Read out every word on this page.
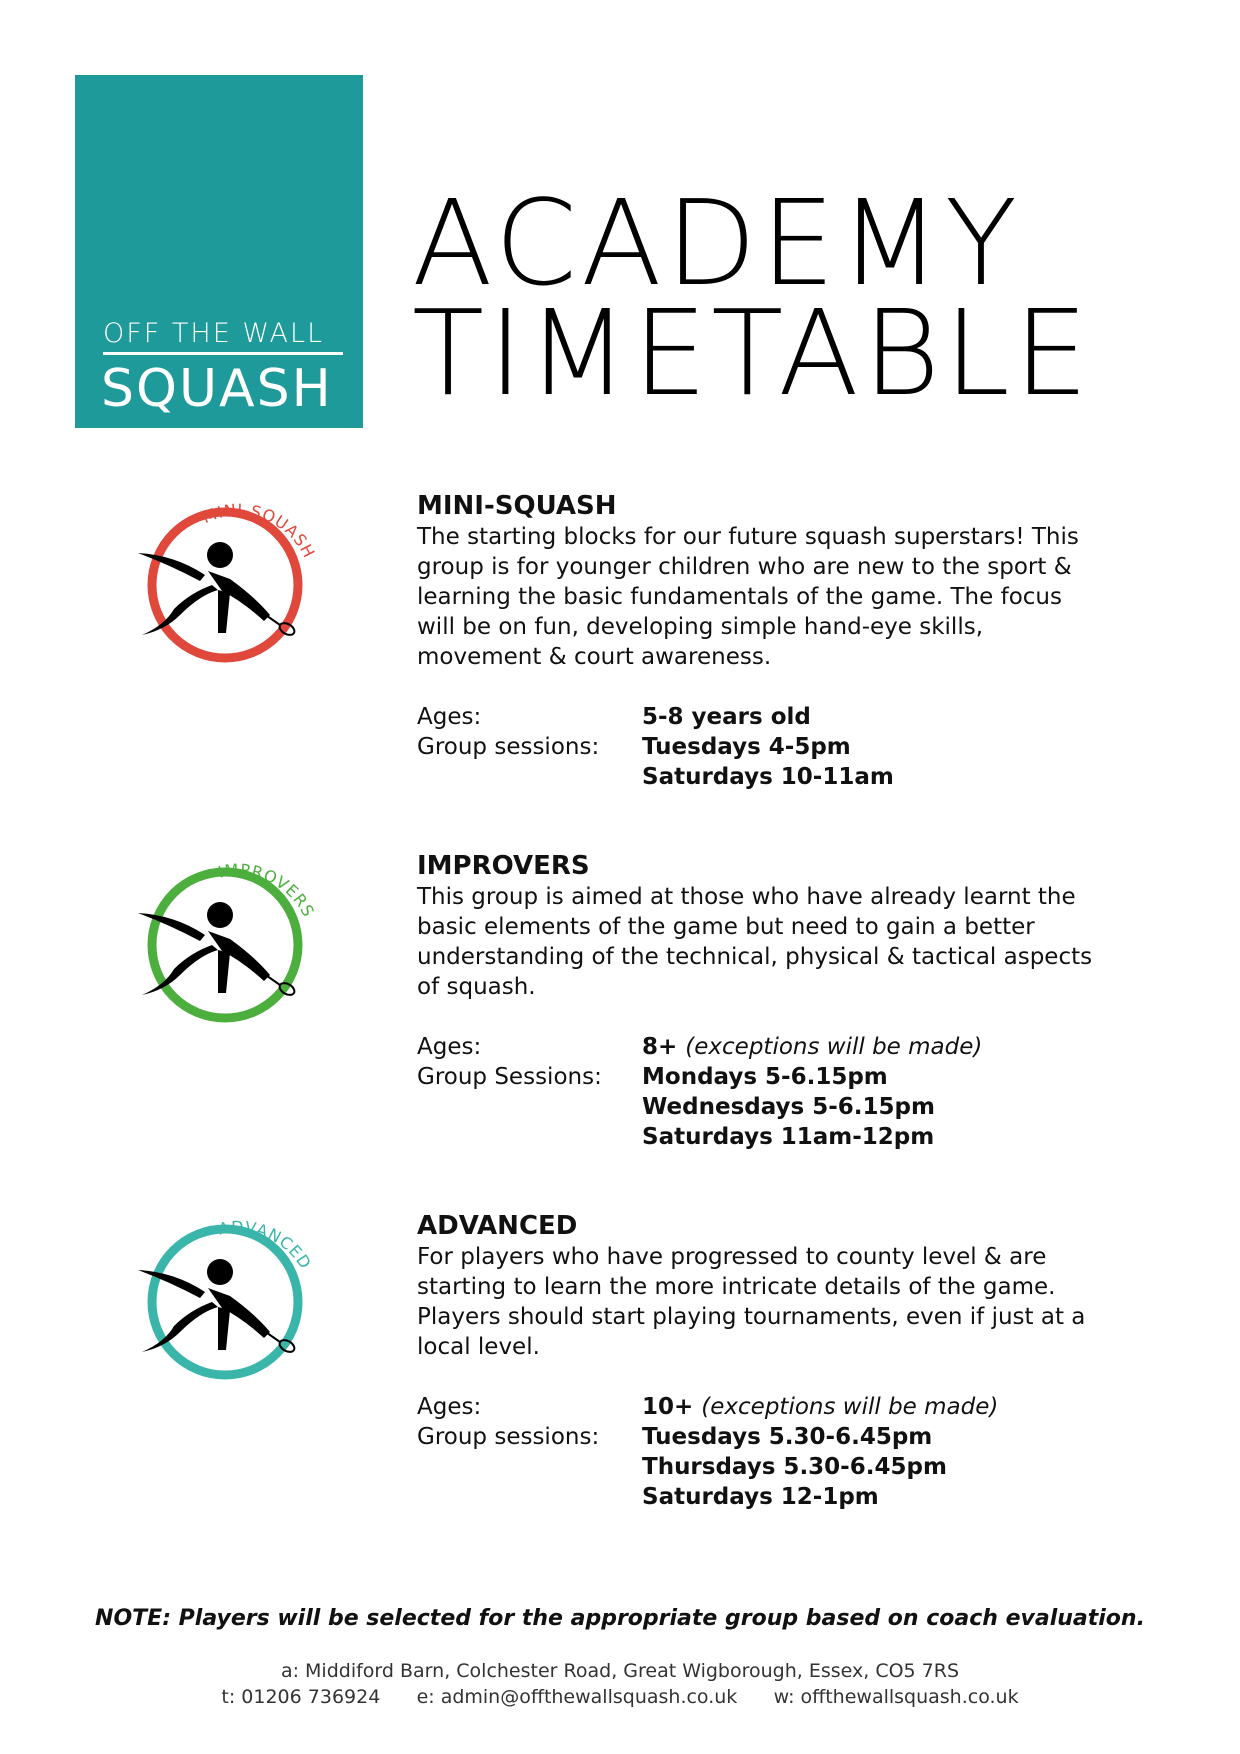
OFF THE WALL
SQUASH
ACADEMY
TIMETABLE
MINI-SQUASH
IMPROVERS
ADVANCED
MINI-SQUASH
The starting blocks for our future squash superstars! This group is for younger children who are new to the sport & learning the basic fundamentals of the game. The focus will be on fun, developing simple hand-eye skills, movement & court awareness.
Ages:	5-8 years old
Group sessions:	Tuesdays 4-5pm
Saturdays 10-11am
IMPROVERS
This group is aimed at those who have already learnt the basic elements of the game but need to gain a better understanding of the technical, physical & tactical aspects of squash.
Ages:	8+ (exceptions will be made)
Group Sessions:	Mondays 5-6.15pm
Wednesdays 5-6.15pm
Saturdays 11am-12pm
ADVANCED
For players who have progressed to county level & are starting to learn the more intricate details of the game. Players should start playing tournaments, even if just at a local level.
Ages:	10+ (exceptions will be made)
Group sessions:	Tuesdays 5.30-6.45pm
Thursdays 5.30-6.45pm
Saturdays 12-1pm
NOTE: Players will be selected for the appropriate group based on coach evaluation.
a: Middiford Barn, Colchester Road, Great Wigborough, Essex, CO5 7RS
t: 01206 736924 e: admin@offthewallsquash.co.uk w: offthewallsquash.co.uk
